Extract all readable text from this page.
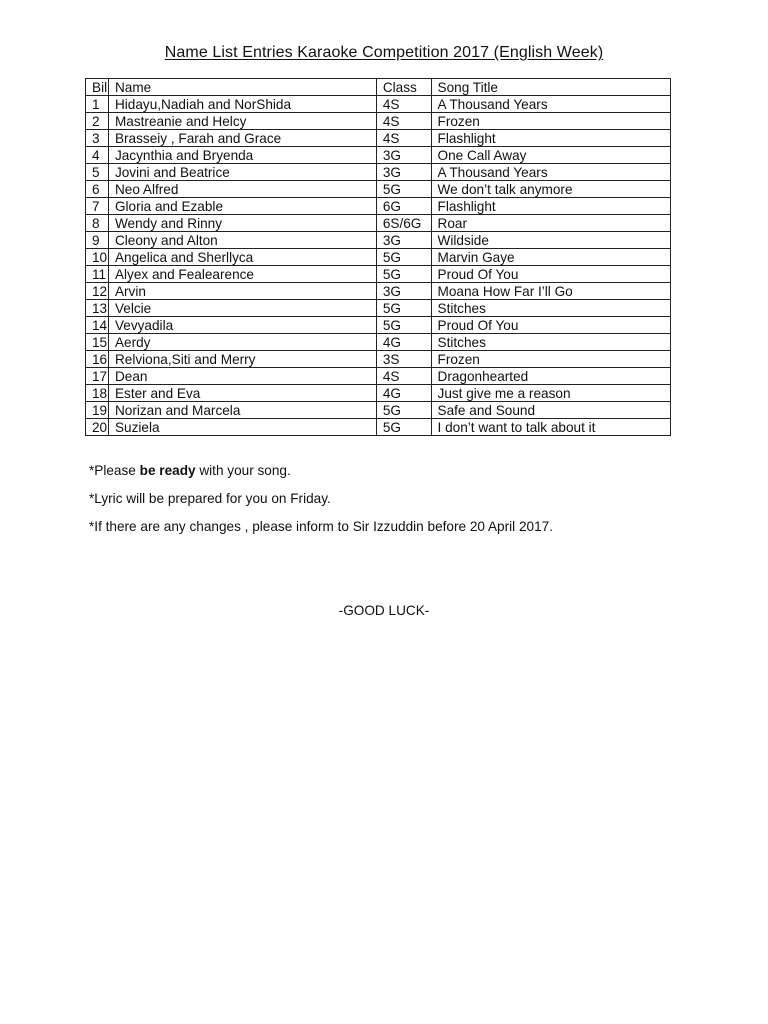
Name List Entries Karaoke Competition 2017 (English Week)
Bil	Name	Class	Song Title
1	Hidayu,Nadiah and NorShida	4S	A Thousand Years
2	Mastreanie and Helcy	4S	Frozen
3	Brasseiy , Farah and Grace	4S	Flashlight
4	Jacynthia and Bryenda	3G	One Call Away
5	Jovini and Beatrice	3G	A Thousand Years
6	Neo Alfred	5G	We don’t talk anymore
7	Gloria and Ezable	6G	Flashlight
8	Wendy and Rinny	6S/6G	Roar
9	Cleony and Alton	3G	Wildside
10	Angelica and Sherllyca	5G	Marvin Gaye
11	Alyex and Fealearence	5G	Proud Of You
12	Arvin	3G	Moana How Far I’ll Go
13	Velcie	5G	Stitches
14	Vevyadila	5G	Proud Of You
15	Aerdy	4G	Stitches
16	Relviona,Siti and Merry	3S	Frozen
17	Dean	4S	Dragonhearted
18	Ester and Eva	4G	Just give me a reason
19	Norizan and Marcela	5G	Safe and Sound
20	Suziela	5G	I don’t want to talk about it

*Please be ready with your song.

*Lyric will be prepared for you on Friday.

*If there are any changes , please inform to Sir Izzuddin before 20 April 2017.

-GOOD LUCK-
